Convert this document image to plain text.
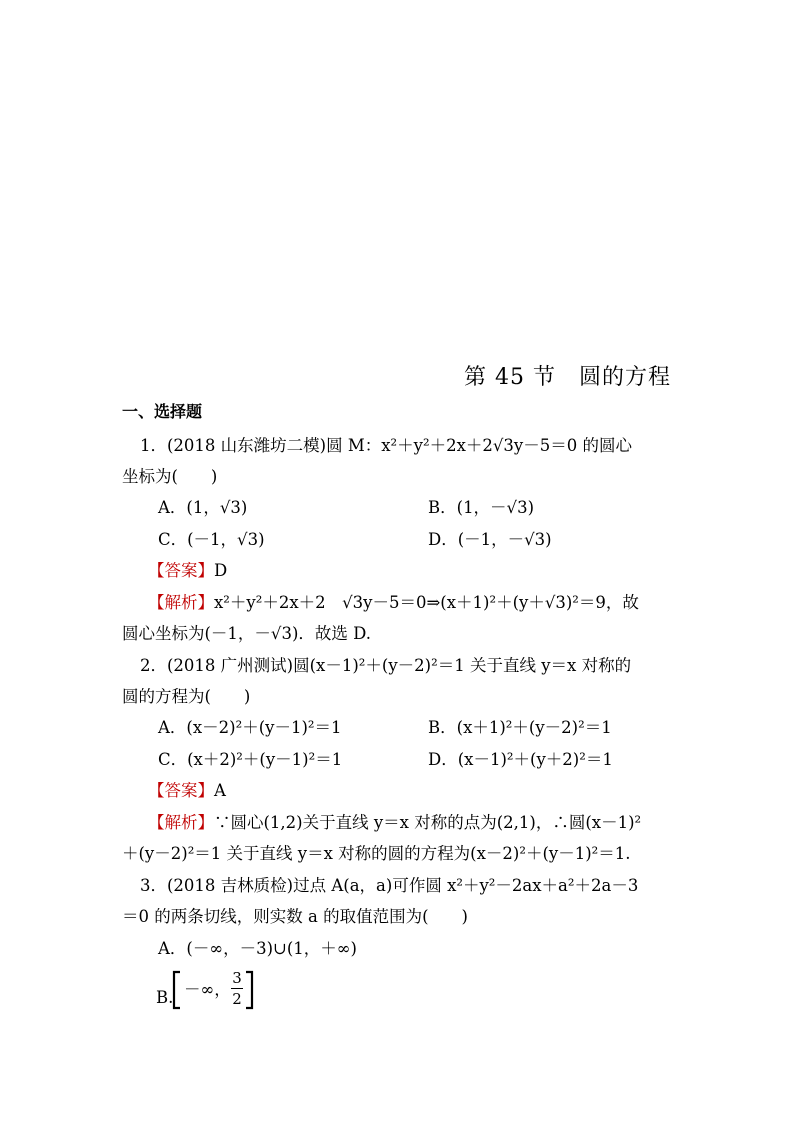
第 45 节　圆的方程
一、选择题
1．(2018 山东潍坊二模)圆 M：x²＋y²＋2x＋2√3y－5＝0 的圆心
坐标为(　　)
A．(1，√3)	B．(1，－√3)
C．(－1，√3)	D．(－1，－√3)
【答案】D
【解析】x²＋y²＋2x＋2　√3y－5＝0⇒(x＋1)²＋(y＋√3)²＝9，故
圆心坐标为(－1，－√3)．故选 D.
2．(2018 广州测试)圆(x－1)²＋(y－2)²＝1 关于直线 y＝x 对称的
圆的方程为(　　)
A．(x－2)²＋(y－1)²＝1	B．(x＋1)²＋(y－2)²＝1
C．(x＋2)²＋(y－1)²＝1	D．(x－1)²＋(y＋2)²＝1
【答案】A
【解析】∵圆心(1,2)关于直线 y＝x 对称的点为(2,1)，∴圆(x－1)²
＋(y－2)²＝1 关于直线 y＝x 对称的圆的方程为(x－2)²＋(y－1)²＝1.
3．(2018 吉林质检)过点 A(a，a)可作圆 x²＋y²－2ax＋a²＋2a－3
＝0 的两条切线，则实数 a 的取值范围为(　　)
A．(－∞，－3)∪(1，＋∞)
B. －∞，
3
2
